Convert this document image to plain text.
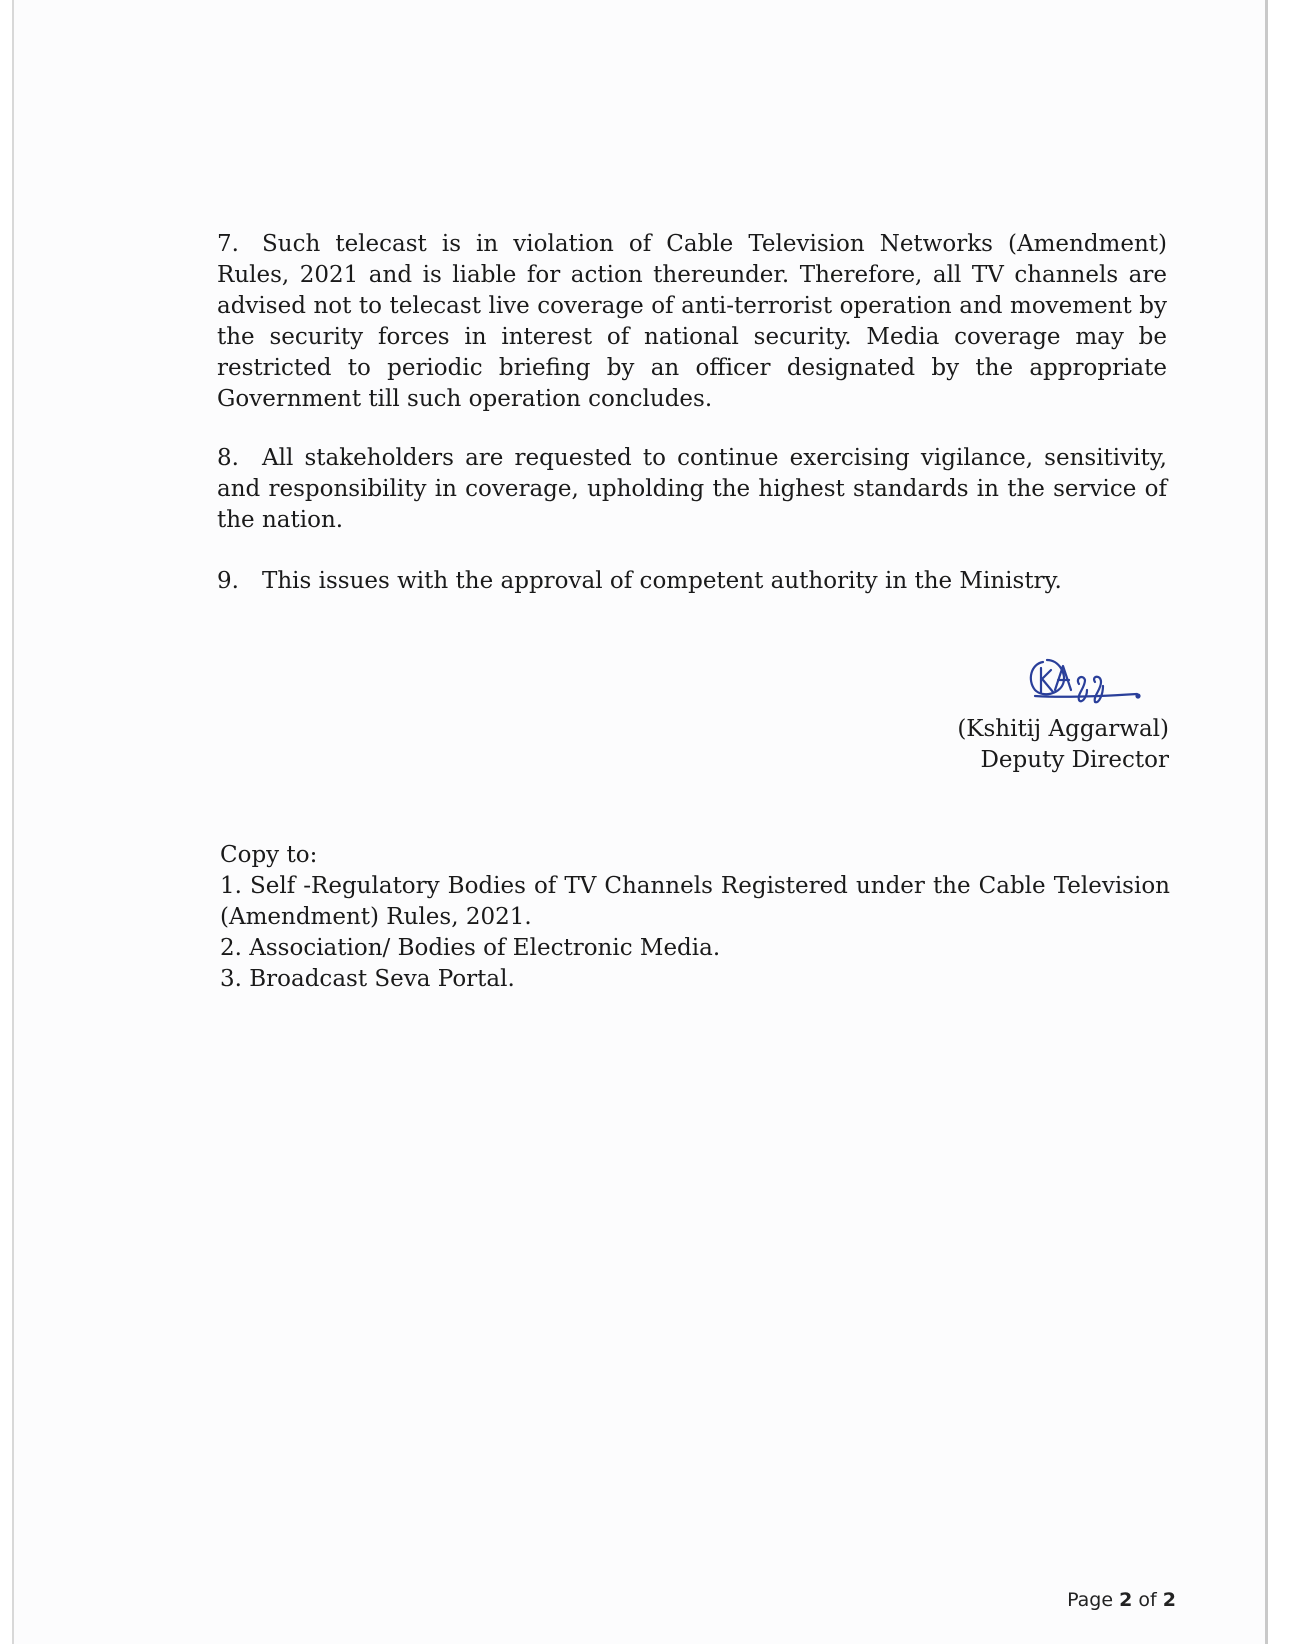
7. Such telecast is in violation of Cable Television Networks (Amendment) Rules, 2021 and is liable for action thereunder. Therefore, all TV channels are advised not to telecast live coverage of anti-terrorist operation and movement by the security forces in interest of national security. Media coverage may be restricted to periodic briefing by an officer designated by the appropriate Government till such operation concludes.

8. All stakeholders are requested to continue exercising vigilance, sensitivity, and responsibility in coverage, upholding the highest standards in the service of the nation.

9. This issues with the approval of competent authority in the Ministry.

(Kshitij Aggarwal)
Deputy Director
Copy to:
1. Self -Regulatory Bodies of TV Channels Registered under the Cable Television (Amendment) Rules, 2021.
2. Association/ Bodies of Electronic Media.
3. Broadcast Seva Portal.
Page 2 of 2
